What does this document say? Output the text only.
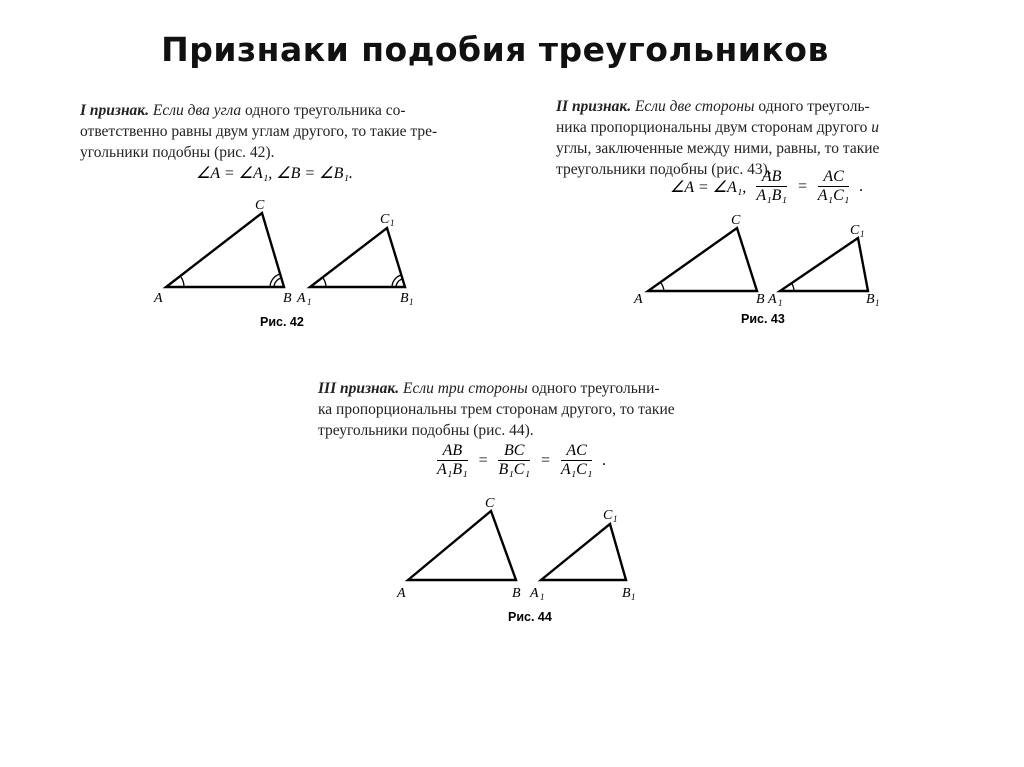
Признаки подобия треугольников
I признак. Если два угла одного треугольника со-
ответственно равны двум углам другого, то такие тре-
угольники подобны (рис. 42).
∠A = ∠A₁, ∠B = ∠B₁.
II признак. Если две стороны одного треуголь-
ника пропорциональны двум сторонам другого и
углы, заключенные между ними, равны, то такие
треугольники подобны (рис. 43).
∠A = ∠A₁, $\frac{AB}{\text{A₁B₁}} = \frac{AC}{\text{A₁C₁}}$ .
III признак. Если три стороны одного треугольни-
ка пропорциональны трем сторонам другого, то такие
треугольники подобны (рис. 44).
$\frac{AB}{\text{A₁B₁}} = \frac{BC}{\text{B₁C₁}} = \frac{AC}{\text{A₁C₁}}$ .
Рис. 42	Рис. 43
Рис. 44
A	B
C
A 1	B 1
C 1
A	B
C
A 1	B 1
C 1
A	B
C
A 1	B 1
C 1
